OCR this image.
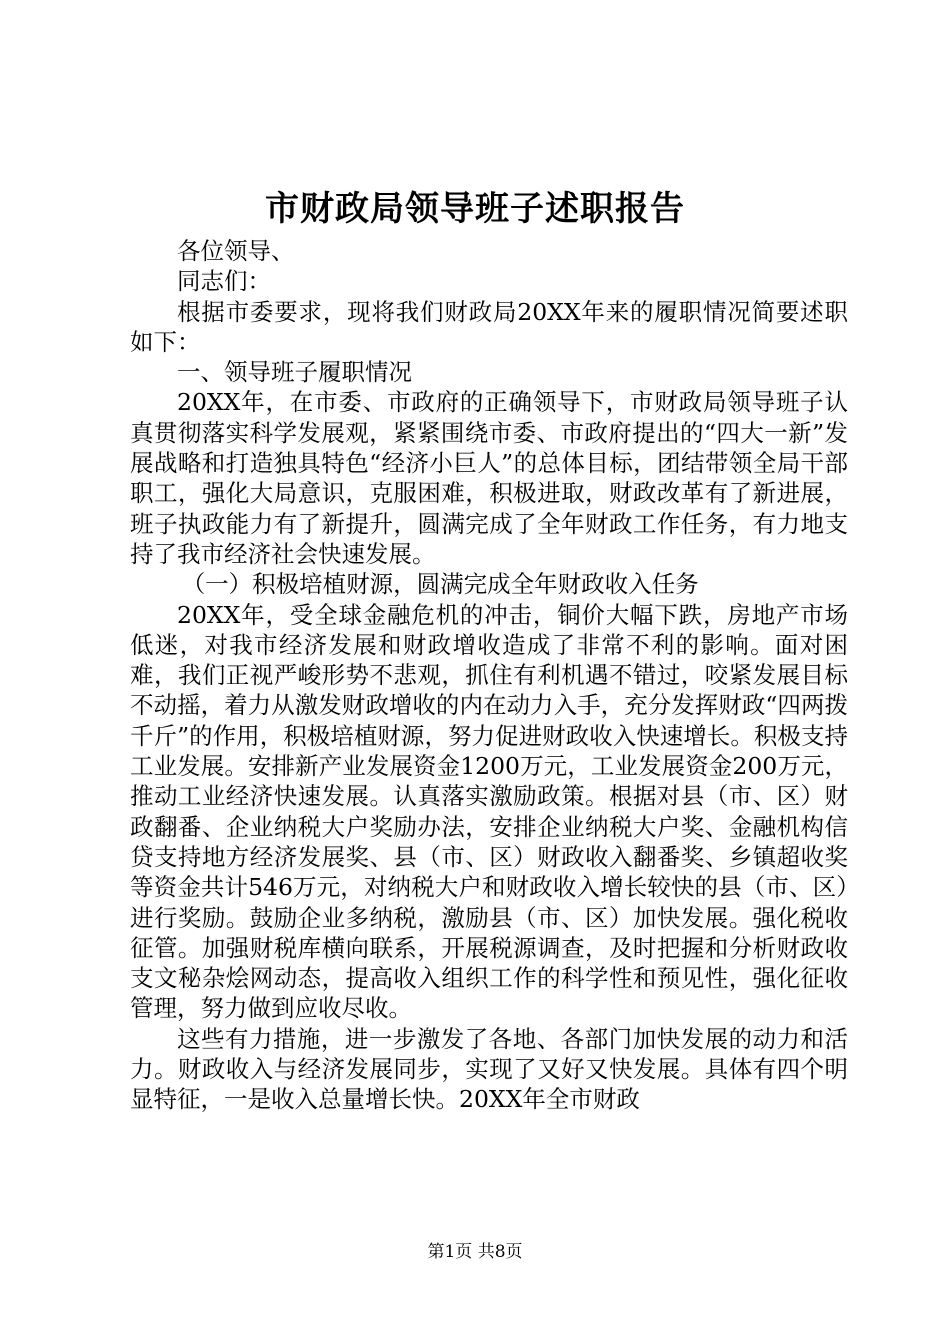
市财政局领导班子述职报告

各位领导、

同志们：

根据市委要求，现将我们财政局20XX年来的履职情况简要述职如下：

一、领导班子履职情况

20XX年，在市委、市政府的正确领导下，市财政局领导班子认真贯彻落实科学发展观，紧紧围绕市委、市政府提出的“四大一新”发展战略和打造独具特色“经济小巨人”的总体目标，团结带领全局干部职工，强化大局意识，克服困难，积极进取，财政改革有了新进展，班子执政能力有了新提升，圆满完成了全年财政工作任务，有力地支持了我市经济社会快速发展。

（一）积极培植财源，圆满完成全年财政收入任务

20XX年，受全球金融危机的冲击，铜价大幅下跌，房地产市场低迷，对我市经济发展和财政增收造成了非常不利的影响。面对困难，我们正视严峻形势不悲观，抓住有利机遇不错过，咬紧发展目标不动摇，着力从激发财政增收的内在动力入手，充分发挥财政“四两拨千斤”的作用，积极培植财源，努力促进财政收入快速增长。积极支持工业发展。安排新产业发展资金1200万元，工业发展资金200万元，推动工业经济快速发展。认真落实激励政策。根据对县（市、区）财政翻番、企业纳税大户奖励办法，安排企业纳税大户奖、金融机构信贷支持地方经济发展奖、县（市、区）财政收入翻番奖、乡镇超收奖等资金共计546万元，对纳税大户和财政收入增长较快的县（市、区）进行奖励。鼓励企业多纳税，激励县（市、区）加快发展。强化税收征管。加强财税库横向联系，开展税源调查，及时把握和分析财政收支文秘杂烩网动态，提高收入组织工作的科学性和预见性，强化征收管理，努力做到应收尽收。

这些有力措施，进一步激发了各地、各部门加快发展的动力和活力。财政收入与经济发展同步，实现了又好又快发展。具体有四个明显特征，一是收入总量增长快。20XX年全市财政

第1页 共8页
